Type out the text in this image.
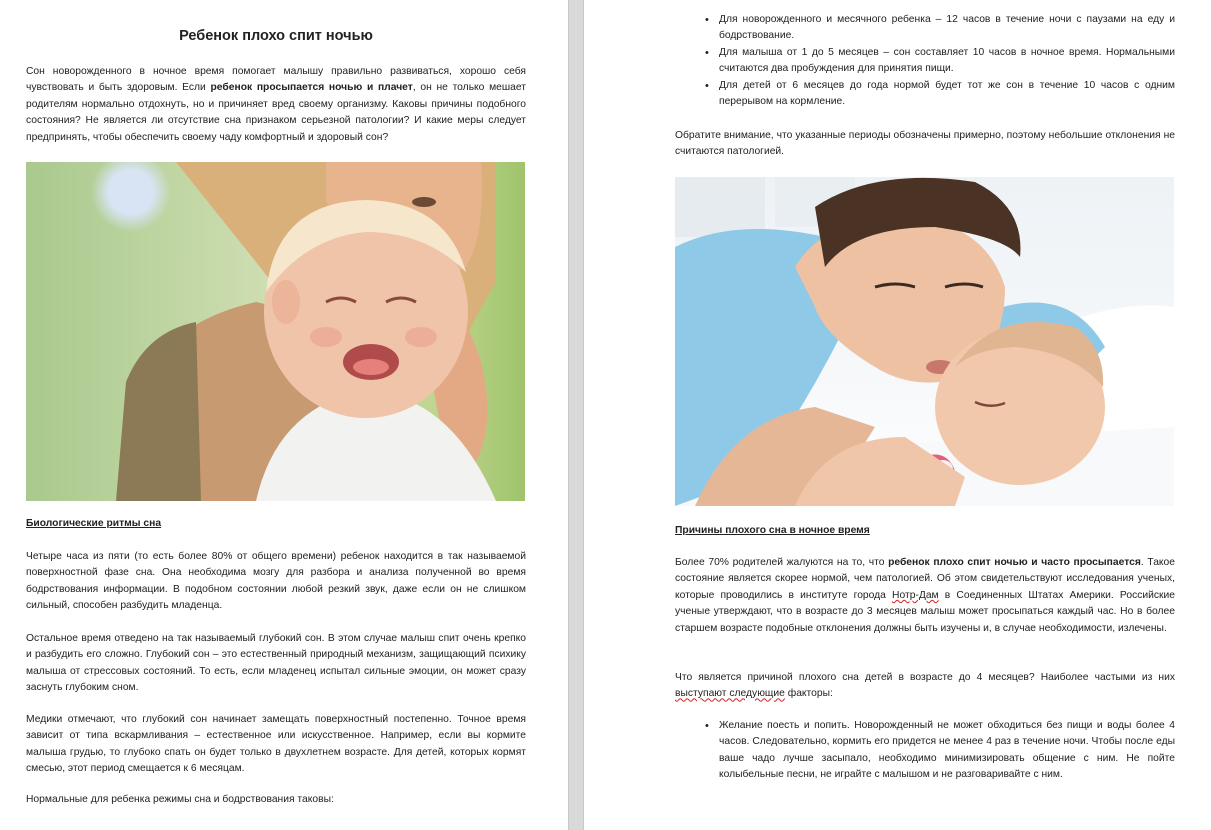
Ребенок плохо спит ночью

Сон новорожденного в ночное время помогает малышу правильно развиваться, хорошо себя чувствовать и быть здоровым. Если ребенок просыпается ночью и плачет, он не только мешает родителям нормально отдохнуть, но и причиняет вред своему организму. Каковы причины подобного состояния? Не является ли отсутствие сна признаком серьезной патологии? И какие меры следует предпринять, чтобы обеспечить своему чаду комфортный и здоровый сон?

Биологические ритмы сна

Четыре часа из пяти (то есть более 80% от общего времени) ребенок находится в так называемой поверхностной фазе сна. Она необходима мозгу для разбора и анализа полученной во время бодрствования информации. В подобном состоянии любой резкий звук, даже если он не слишком сильный, способен разбудить младенца.

Остальное время отведено на так называемый глубокий сон. В этом случае малыш спит очень крепко и разбудить его сложно. Глубокий сон – это естественный природный механизм, защищающий психику малыша от стрессовых состояний. То есть, если младенец испытал сильные эмоции, он может сразу заснуть глубоким сном.

Медики отмечают, что глубокий сон начинает замещать поверхностный постепенно. Точное время зависит от типа вскармливания – естественное или искусственное. Например, если вы кормите малыша грудью, то глубоко спать он будет только в двухлетнем возрасте. Для детей, которых кормят смесью, этот период смещается к 6 месяцам.

Нормальные для ребенка режимы сна и бодрствования таковы:

• Для новорожденного и месячного ребенка – 12 часов в течение ночи с паузами на еду и бодрствование.
• Для малыша от 1 до 5 месяцев – сон составляет 10 часов в ночное время. Нормальными считаются два пробуждения для принятия пищи.
• Для детей от 6 месяцев до года нормой будет тот же сон в течение 10 часов с одним перерывом на кормление.

Обратите внимание, что указанные периоды обозначены примерно, поэтому небольшие отклонения не считаются патологией.

Причины плохого сна в ночное время

Более 70% родителей жалуются на то, что ребенок плохо спит ночью и часто просыпается. Такое состояние является скорее нормой, чем патологией. Об этом свидетельствуют исследования ученых, которые проводились в институте города Нотр-Дам в Соединенных Штатах Америки. Российские ученые утверждают, что в возрасте до 3 месяцев малыш может просыпаться каждый час. Но в более старшем возрасте подобные отклонения должны быть изучены и, в случае необходимости, излечены.

Что является причиной плохого сна детей в возрасте до 4 месяцев? Наиболее частыми из них выступают следующие факторы:

• Желание поесть и попить. Новорожденный не может обходиться без пищи и воды более 4 часов. Следовательно, кормить его придется не менее 4 раз в течение ночи. Чтобы после еды ваше чадо лучше засыпало, необходимо минимизировать общение с ним. Не пойте колыбельные песни, не играйте с малышом и не разговаривайте с ним.
